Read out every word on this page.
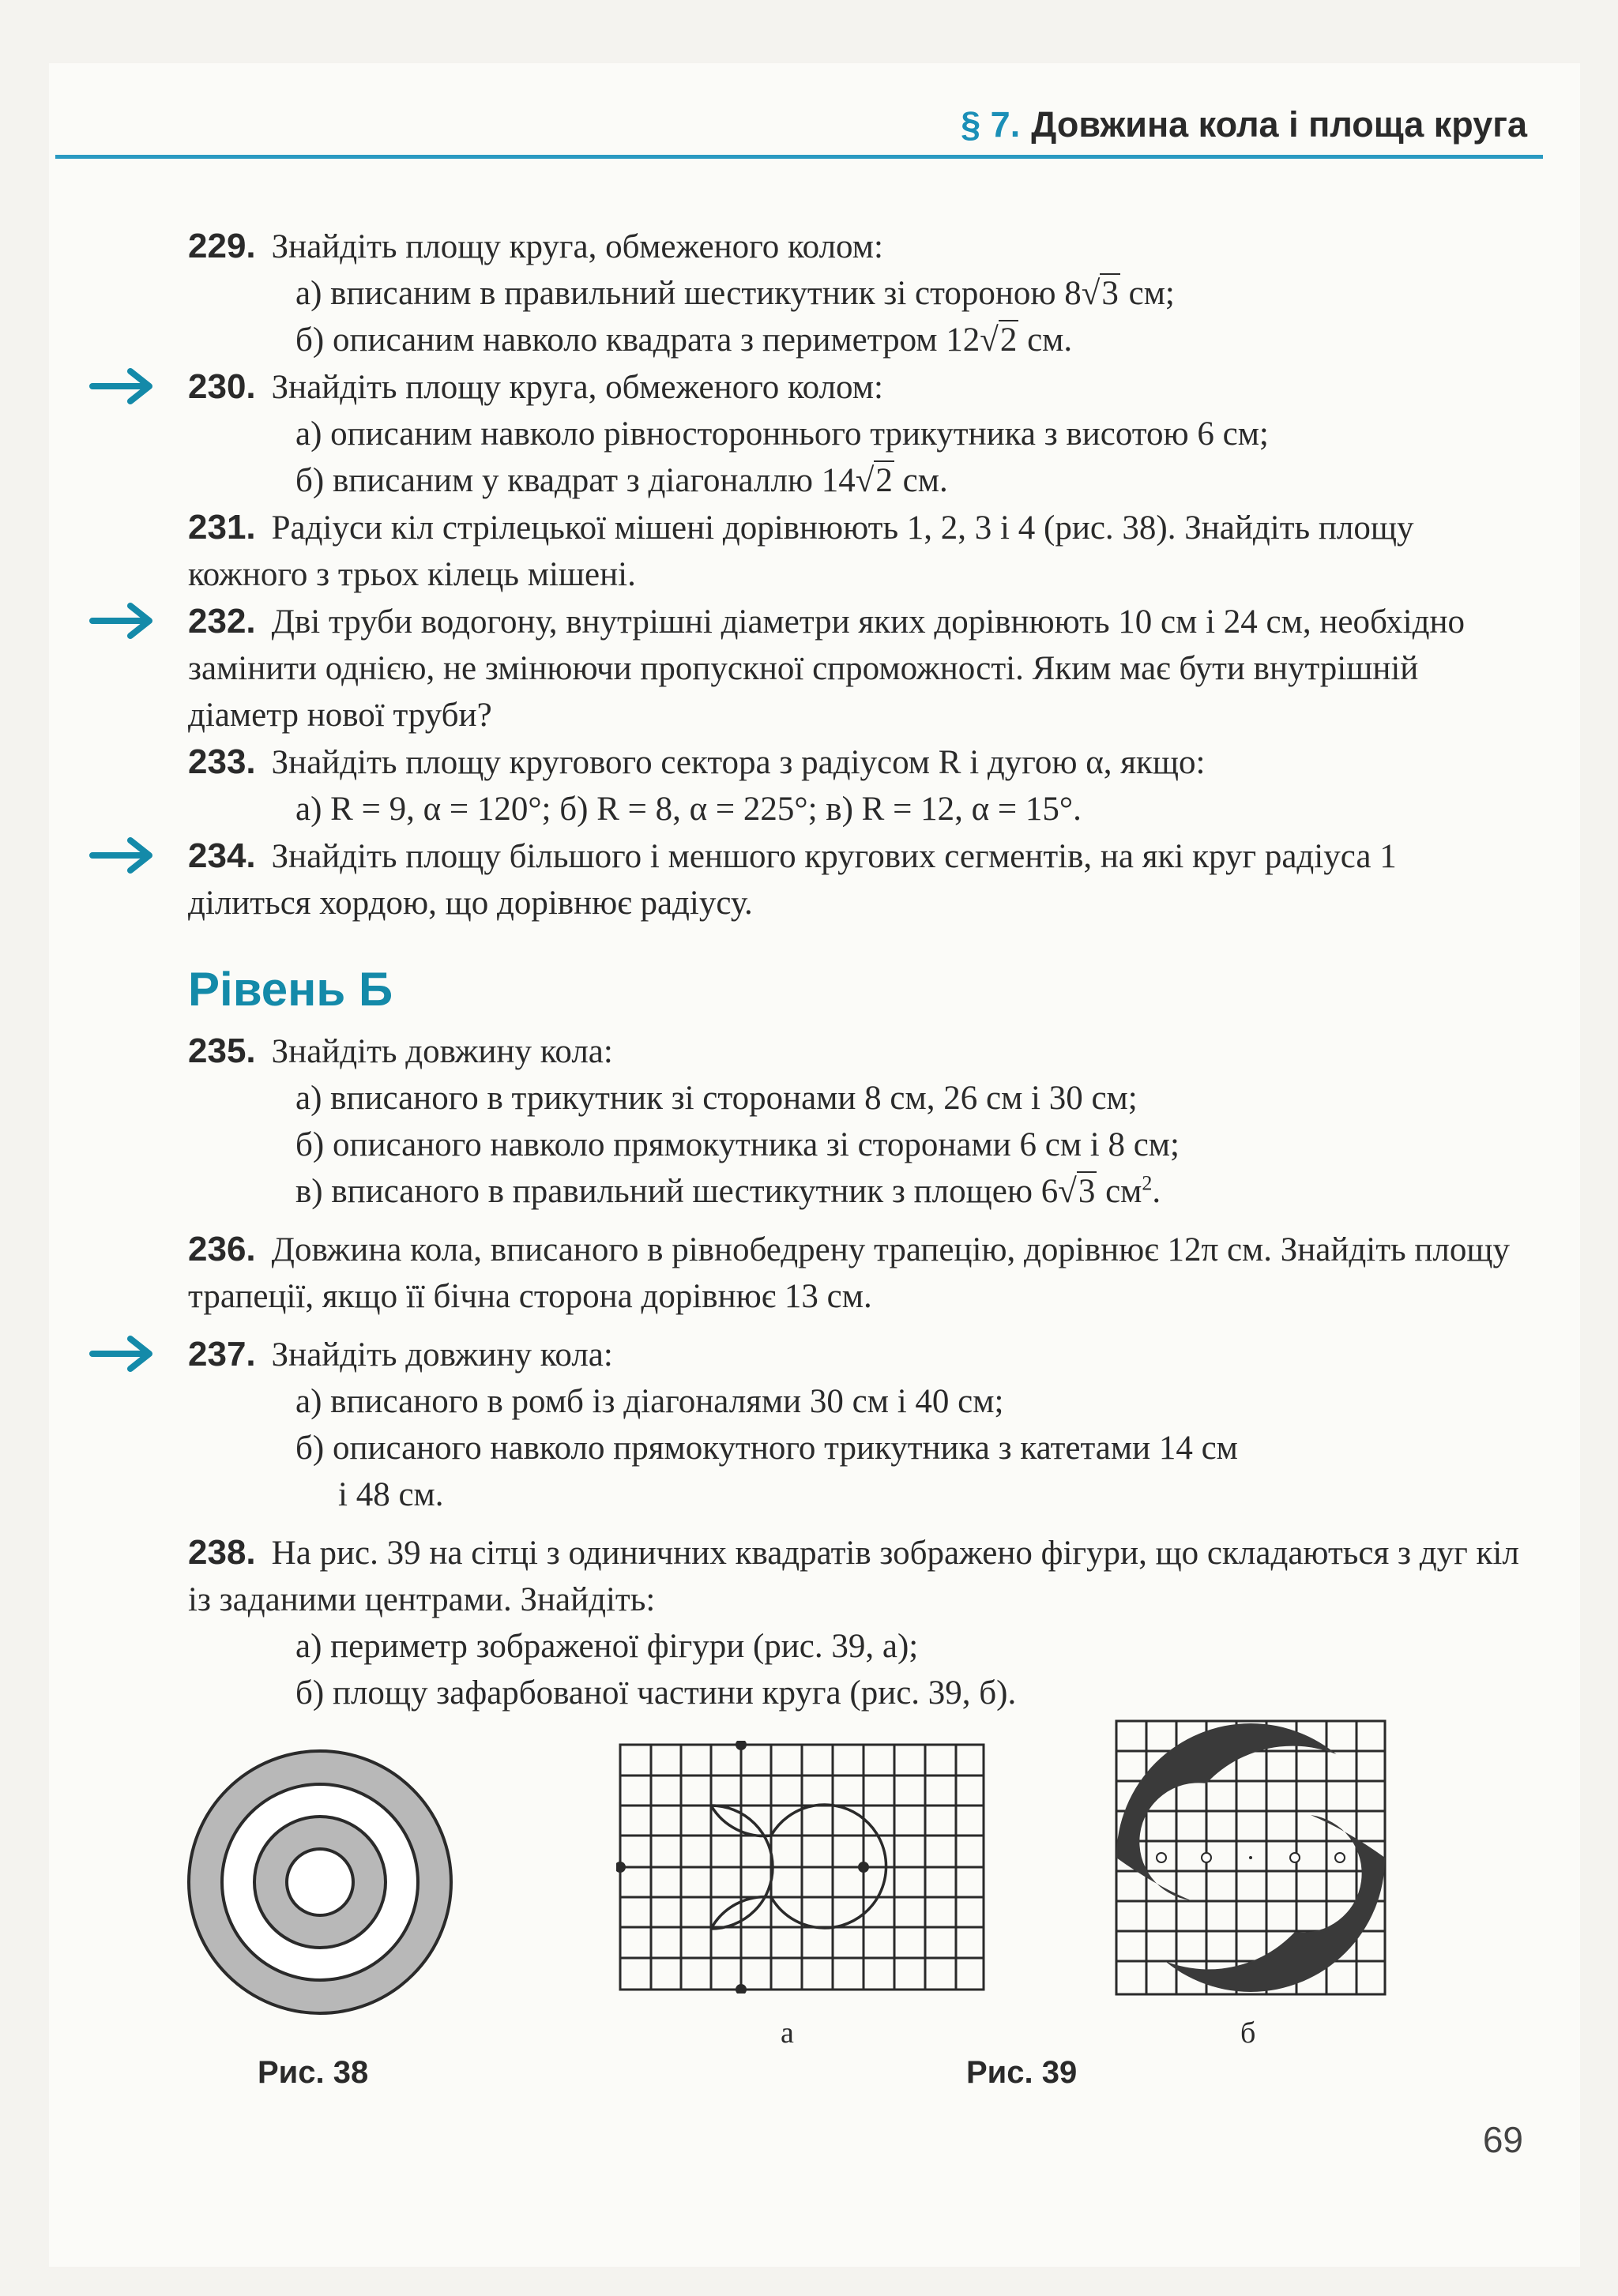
§ 7. Довжина кола і площа круга
229. Знайдіть площу круга, обмеженого колом:
а) вписаним в правильний шестикутник зі стороною 8√3 см;
б) описаним навколо квадрата з периметром 12√2 см.
230. Знайдіть площу круга, обмеженого колом:
а) описаним навколо рівностороннього трикутника з висотою 6 см;
б) вписаним у квадрат з діагоналлю 14√2 см.
231. Радіуси кіл стрілецької мішені дорівнюють 1, 2, 3 і 4 (рис. 38). Знайдіть площу кожного з трьох кілець мішені.
232. Дві труби водогону, внутрішні діаметри яких дорівнюють 10 см і 24 см, необхідно замінити однією, не змінюючи пропускної спроможності. Яким має бути внутрішній діаметр нової труби?
233. Знайдіть площу кругового сектора з радіусом R і дугою α, якщо:
а) R = 9, α = 120°; б) R = 8, α = 225°; в) R = 12, α = 15°.
234. Знайдіть площу більшого і меншого кругових сегментів, на які круг радіуса 1 ділиться хордою, що дорівнює радіусу.
Рівень Б
235. Знайдіть довжину кола:
а) вписаного в трикутник зі сторонами 8 см, 26 см і 30 см;
б) описаного навколо прямокутника зі сторонами 6 см і 8 см;
в) вписаного в правильний шестикутник з площею 6√3 $см^2$.
236. Довжина кола, вписаного в рівнобедрену трапецію, дорівнює 12π см. Знайдіть площу трапеції, якщо її бічна сторона дорівнює 13 см.
237. Знайдіть довжину кола:
а) вписаного в ромб із діагоналями 30 см і 40 см;
б) описаного навколо прямокутного трикутника з катетами 14 см
і 48 см.
238. На рис. 39 на сітці з одиничних квадратів зображено фігури, що складаються з дуг кіл із заданими центрами. Знайдіть:
а) периметр зображеної фігури (рис. 39, а);
б) площу зафарбованої частини круга (рис. 39, б).
а	б
Рис. 38	Рис. 39
69
